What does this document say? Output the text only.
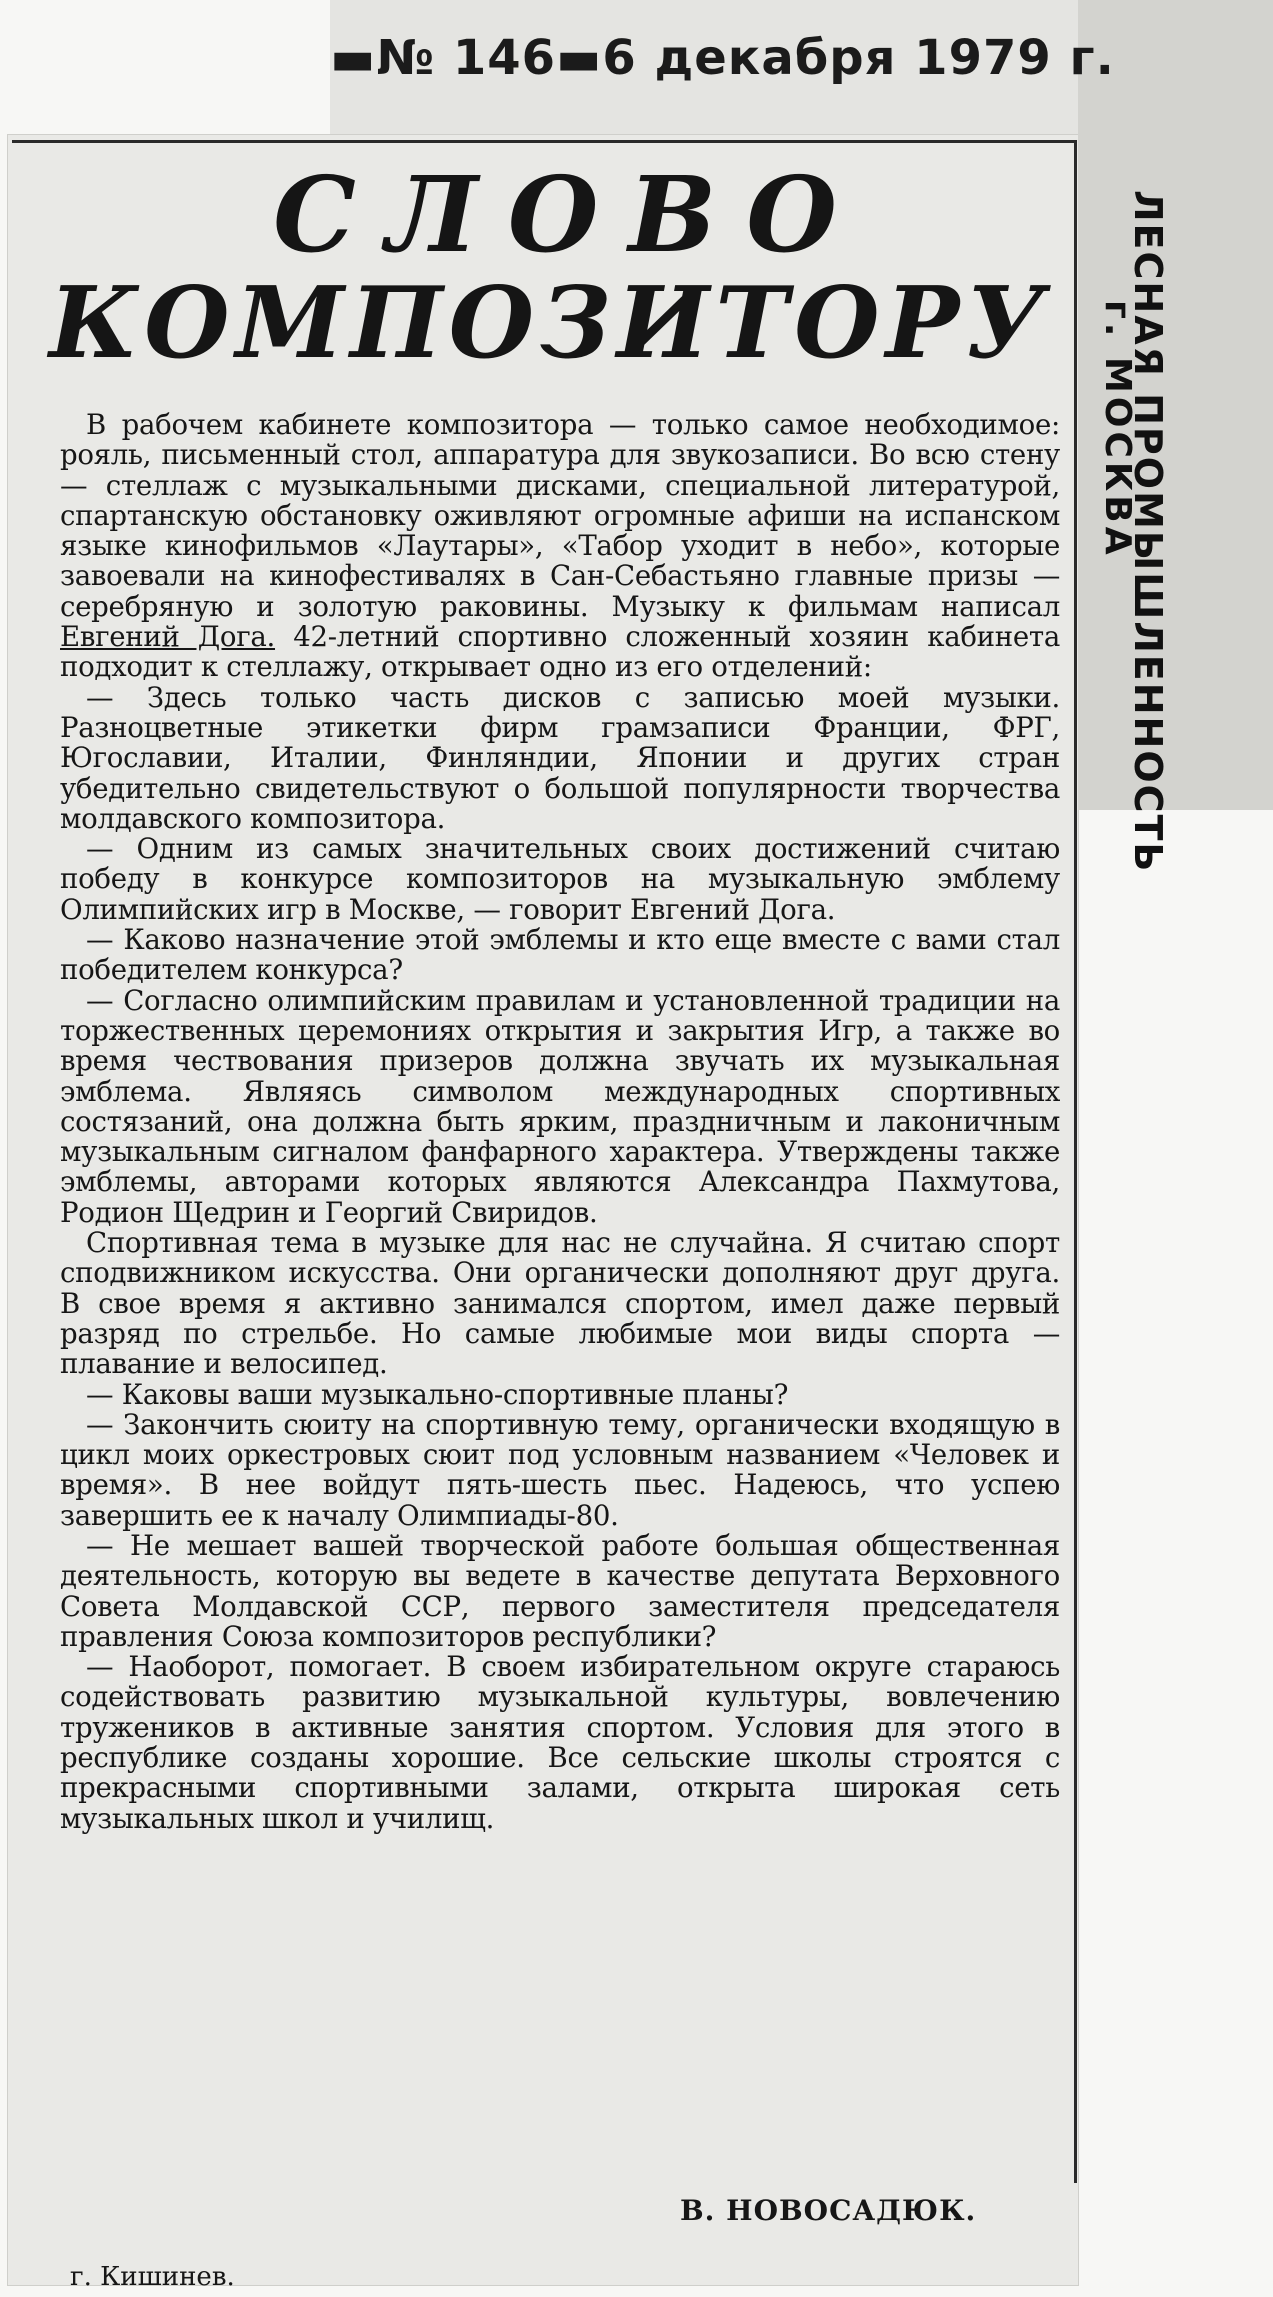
▬№ 146▬6 декабря 1979 г.
ЛЕСНАЯ ПРОМЫШЛЕННОСТЬ
г. МОСКВА
СЛОВО
КОМПОЗИТОРУ

В рабочем кабинете композитора — только самое необходимое: рояль, письменный стол, аппаратура для звукозаписи. Во всю стену — стеллаж с музыкальными дисками, специальной литературой, спартанскую обстановку оживляют огромные афиши на испанском языке кинофильмов «Лаутары», «Табор уходит в небо», которые завоевали на кинофестивалях в Сан-Себастьяно главные призы — серебряную и золотую раковины. Музыку к фильмам написал Евгений Дога. 42-летний спортивно сложенный хозяин кабинета подходит к стеллажу, открывает одно из его отделений:

— Здесь только часть дисков с записью моей музыки. Разноцветные этикетки фирм грамзаписи Франции, ФРГ, Югославии, Италии, Финляндии, Японии и других стран убедительно свидетельствуют о большой популярности творчества молдавского композитора.

— Одним из самых значительных своих достижений считаю победу в конкурсе композиторов на музыкальную эмблему Олимпийских игр в Москве, — говорит Евгений Дога.

— Каково назначение этой эмблемы и кто еще вместе с вами стал победителем конкурса?

— Согласно олимпийским правилам и установленной традиции на торжественных церемониях открытия и закрытия Игр, а также во время чествования призеров должна звучать их музыкальная эмблема. Являясь символом международных спортивных состязаний, она должна быть ярким, праздничным и лаконичным музыкальным сигналом фанфарного характера. Утверждены также эмблемы, авторами которых являются Александра Пахмутова, Родион Щедрин и Георгий Свиридов.

Спортивная тема в музыке для нас не случайна. Я считаю спорт сподвижником искусства. Они органически дополняют друг друга. В свое время я активно занимался спортом, имел даже первый разряд по стрельбе. Но самые любимые мои виды спорта — плавание и велосипед.

— Каковы ваши музыкально-спортивные планы?

— Закончить сюиту на спортивную тему, органически входящую в цикл моих оркестровых сюит под условным названием «Человек и время». В нее войдут пять-шесть пьес. Надеюсь, что успею завершить ее к началу Олимпиады-80.

— Не мешает вашей творческой работе большая общественная деятельность, которую вы ведете в качестве депутата Верховного Совета Молдавской ССР, первого заместителя председателя правления Союза композиторов республики?

— Наоборот, помогает. В своем избирательном округе стараюсь содействовать развитию музыкальной культуры, вовлечению тружеников в активные занятия спортом. Условия для этого в республике созданы хорошие. Все сельские школы строятся с прекрасными спортивными залами, открыта широкая сеть музыкальных школ и училищ.

В. НОВОСАДЮК.
г. Кишинев.
